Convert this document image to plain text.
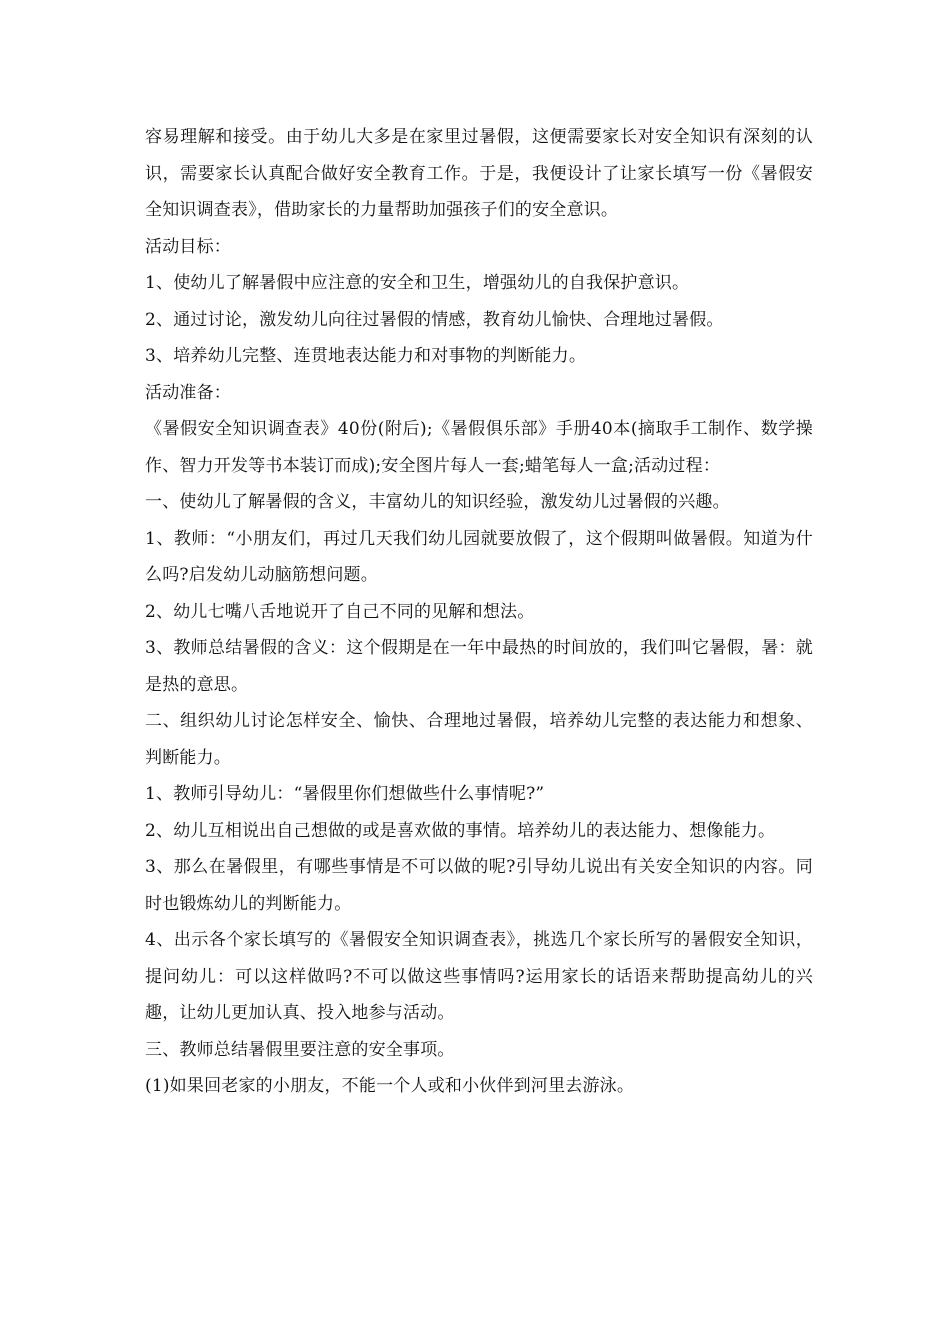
容易理解和接受。由于幼儿大多是在家里过暑假，这便需要家长对安全知识有深刻的认识，需要家长认真配合做好安全教育工作。于是，我便设计了让家长填写一份《暑假安全知识调查表》，借助家长的力量帮助加强孩子们的安全意识。

活动目标：

1、使幼儿了解暑假中应注意的安全和卫生，增强幼儿的自我保护意识。

2、通过讨论，激发幼儿向往过暑假的情感，教育幼儿愉快、合理地过暑假。

3、培养幼儿完整、连贯地表达能力和对事物的判断能力。

活动准备：

《暑假安全知识调查表》40份(附后);《暑假俱乐部》手册40本(摘取手工制作、数学操作、智力开发等书本装订而成);安全图片每人一套;蜡笔每人一盒;活动过程：

一、使幼儿了解暑假的含义，丰富幼儿的知识经验，激发幼儿过暑假的兴趣。

1、教师：“小朋友们，再过几天我们幼儿园就要放假了，这个假期叫做暑假。知道为什么吗?启发幼儿动脑筋想问题。

2、幼儿七嘴八舌地说开了自己不同的见解和想法。

3、教师总结暑假的含义：这个假期是在一年中最热的时间放的，我们叫它暑假，暑：就是热的意思。

二、组织幼儿讨论怎样安全、愉快、合理地过暑假，培养幼儿完整的表达能力和想象、判断能力。

1、教师引导幼儿：“暑假里你们想做些什么事情呢?”

2、幼儿互相说出自己想做的或是喜欢做的事情。培养幼儿的表达能力、想像能力。

3、那么在暑假里，有哪些事情是不可以做的呢?引导幼儿说出有关安全知识的内容。同时也锻炼幼儿的判断能力。

4、出示各个家长填写的《暑假安全知识调查表》，挑选几个家长所写的暑假安全知识，提问幼儿：可以这样做吗?不可以做这些事情吗?运用家长的话语来帮助提高幼儿的兴趣，让幼儿更加认真、投入地参与活动。

三、教师总结暑假里要注意的安全事项。

(1)如果回老家的小朋友，不能一个人或和小伙伴到河里去游泳。
